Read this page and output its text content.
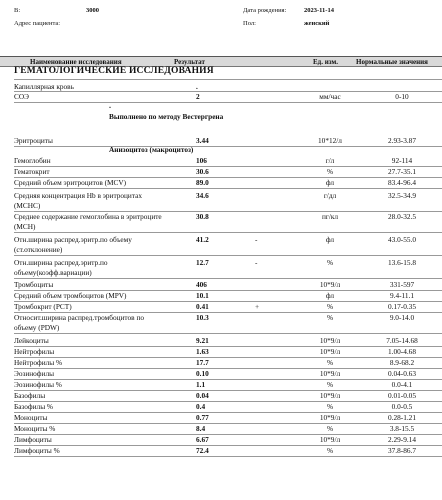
В:	3000
Адрес пациента:
Дата рождения:	2023-11-14
Пол:	женский
Наименование исследования	Результат	Ед. изм.	Нормальные значения
ГЕМАТОЛОГИЧЕСКИЕ ИССЛЕДОВАНИЯ
Капиллярная кровь	.
СОЭ	2	мм/час	0-10
Эритроциты	3.44	10*12/л	2.93-3.87
Гемоглобин	106	г/л	92-114
Гематокрит	30.6	%	27.7-35.1
Средний объем эритроцитов (MCV)	89.0	фл	83.4-96.4
Средняя концентрация Hb в эритроцитах (МСНС)
34.6	г/дл	32.5-34.9
Среднее содержание гемоглобина в эритроците (МСН)
30.8	пг/кл	28.0-32.5
Отн.ширина распред.эритр.по объему (ст.отклонение)
41.2	-	фл	43.0-55.0
Отн.ширина распред.эритр.по объему(коэфф.вариации)
12.7	-	%	13.6-15.8
Тромбоциты	406	10*9/л	331-597
Средний объем тромбоцитов (MPV)	10.1	фл	9.4-11.1
Тромбокрит (PCT)	0.41	+	%	0.17-0.35
Относит.ширина распред.тромбоцитов по объему (PDW)
10.3	%	9.0-14.0
Лейкоциты	9.21	10*9/л	7.05-14.68
Нейтрофилы	1.63	10*9/л	1.00-4.68
Нейтрофилы %	17.7	%	8.9-68.2
Эозинофилы	0.10	10*9/л	0.04-0.63
Эозинофилы %	1.1	%	0.0-4.1
Базофилы	0.04	10*9/л	0.01-0.05
Базофилы %	0.4	%	0.0-0.5
Моноциты	0.77	10*9/л	0.28-1.21
Моноциты %	8.4	%	3.8-15.5
Лимфоциты	6.67	10*9/л	2.29-9.14
Лимфоциты %	72.4	%	37.8-86.7
.
Выполнено по методу Вестергрена
Анизоцитоз (макроцитоз)
